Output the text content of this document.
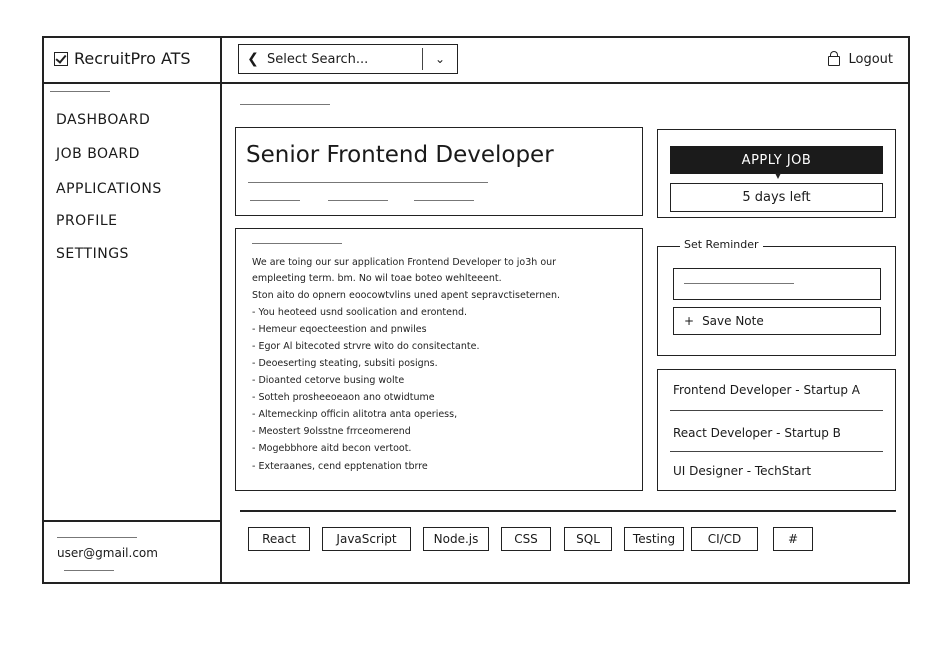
RecruitPro ATS	❮ Select Search...	⌄	Logout
DASHBOARD
JOB BOARD
APPLICATIONS
PROFILE
SETTINGS
user@gmail.com
Senior Frontend Developer
We are toing our sur application Frontend Developer to jo3h our
empleeting term. bm. No wil toae boteo wehlteeent.
Ston aito do opnern eoocowtvlins uned apent sepravctiseternen.
- You heoteed usnd soolication and erontend.
- Hemeur eqoecteestion and pnwiles
- Egor Al bitecoted strvre wito do consitectante.
- Deoeserting steating, subsiti posigns.
- Dioanted cetorve busing wolte
- Sotteh prosheeoeaon ano otwidtume
- Altemeckinp officin alitotra anta operiess,
- Meostert 9olsstne frrceomerend
- Mogebbhore aitd becon vertoot.
- Exteraanes, cend epptenation tbrre
APPLY JOB
5 days left
Set Reminder
+ Save Note
Frontend Developer - Startup A
React Developer - Startup B
UI Designer - TechStart
React	JavaScript	Node.js	CSS	SQL	Testing	CI/CD	#
